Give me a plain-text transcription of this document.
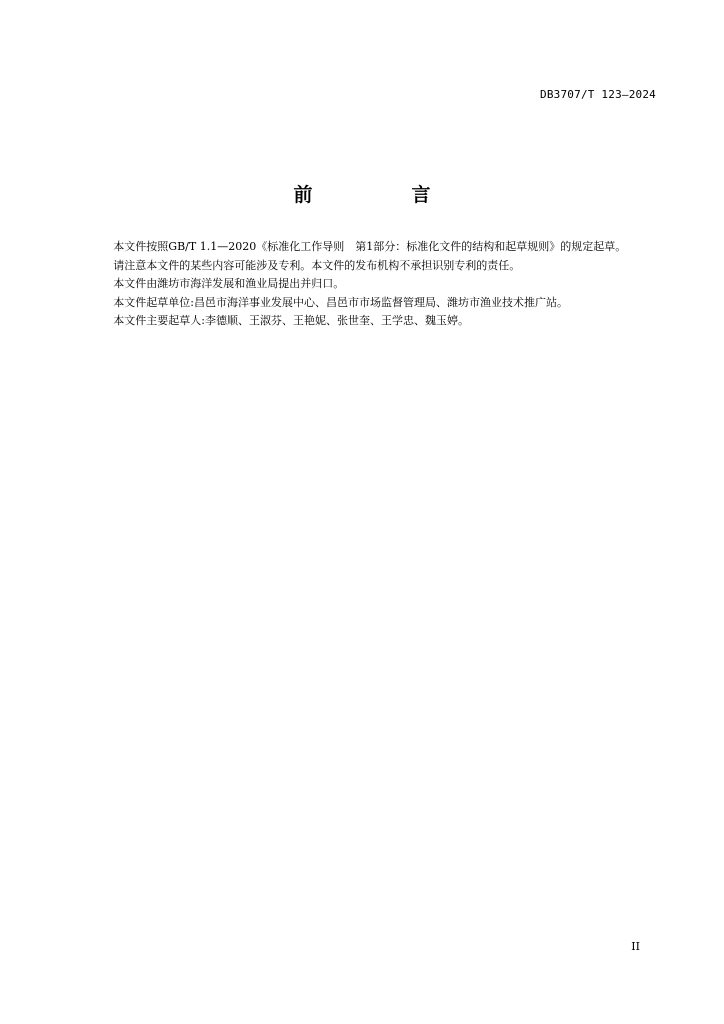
DB3707/T 123—2024
前　言

本文件按照GB/T 1.1—2020《标准化工作导则　第1部分：标准化文件的结构和起草规则》的规定起草。

请注意本文件的某些内容可能涉及专利。本文件的发布机构不承担识别专利的责任。

本文件由潍坊市海洋发展和渔业局提出并归口。

本文件起草单位:昌邑市海洋事业发展中心、昌邑市市场监督管理局、潍坊市渔业技术推广站。

本文件主要起草人:李德顺、王淑芬、王艳妮、张世奎、王学忠、魏玉婷。

II
